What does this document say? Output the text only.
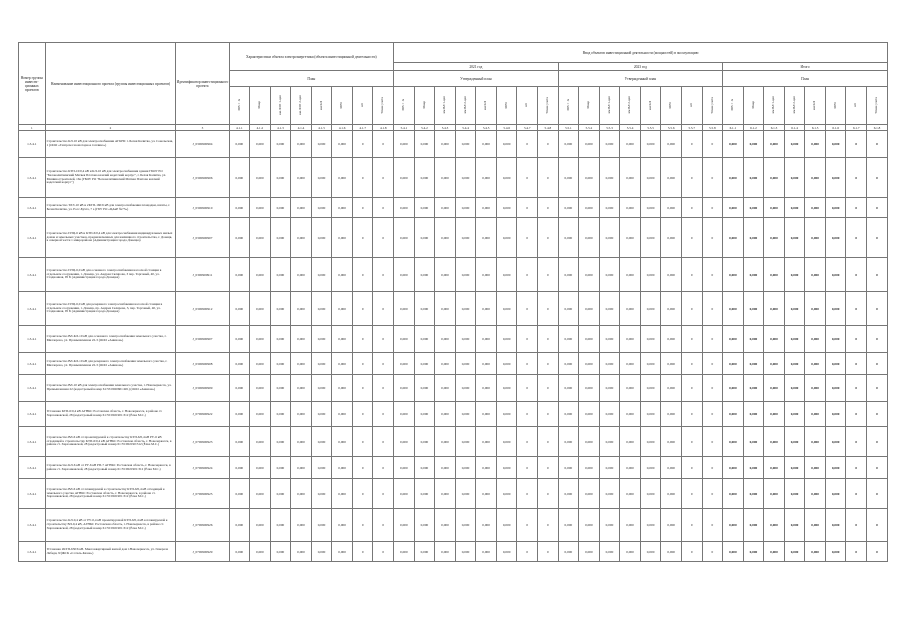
Номер группы инвести-ционных проектов	Наименование инвестиционного проекта (группы инвестиционных проектов)	Идентификатор инвестиционного проекта	Характеристики объекта электроэнергетики (объекта инвестиционной деятельности)								Ввод объектов инвестиционной деятельности (мощностей) в эксплуатацию																							
											2021 год								2023 год								Итого							
			План								Утвержденный план								Утвержденный план								План							
			МВ×А	Мвар	км ЛЭП 1-цеп	км ЛЭП 2-цеп	км КЛ	МВт	шт	Точки учета	МВ×А	Мвар	км ВЛ 1-цеп	км ВЛ 2-цеп	км КЛ	МВт	шт	Точки учета	МВ×А	Мвар	км ВЛ 1-цеп	км ВЛ 2-цеп	км КЛ	МВт	шт	Точки учета	МВ×А	Мвар	км ВЛ 1-цеп	км ВЛ 2-цеп	км КЛ	МВт	шт	Точки учета
1	2	3	4.1.1	4.1.2	4.1.3	4.1.4	4.1.5	4.1.6	4.1.7	4.1.8	5.4.1	5.4.2	5.4.3	5.4.4	5.4.5	5.4.6	5.4.7	5.4.8	5.5.1	5.5.2	5.5.3	5.5.4	5.5.5	5.5.6	5.5.7	5.5.8	6.1.1	6.1.2	6.1.3	6.1.4	6.1.5	6.1.6	6.1.7	6.1.8
1.3.4.1	Строительство КЛ-10 кВ для электроснабжения АГКНС г. Белая Калитва, ул. Сокольская, 1 (ООО «Газпром газомоторное топливо»)	J_0300900904	0,000	0,000	0,000	0,000	0,000	0,000	0	0	0,000	0,000	0,000	0,000	0,000	0,000	0	0	0,000	0,000	0,000	0,000	0,000	0,000	0	0	0,000	0,000	0,000	0,000	0,000	0,000	0	0
1.3.4.1	Строительство КТП-10/0,4 кВ и КЛ-10 кВ для электроснабжения здания ГБОУ РО "Белокалитвинский Матвея Платова казачий кадетский корпус", г. Белая Калитва, ул. Машиностроителей, 16а (ГБОУ РО "Белокалитвинский Матвея Платова казачий кадетский корпус")	J_0300900906	0,000	0,000	0,000	0,000	0,000	0,000	0	0	0,000	0,000	0,000	0,000	0,000	0,000	0	0	0,000	0,000	0,000	0,000	0,000	0,000	0	0	0,000	0,000	0,000	0,000	0,000	0,000	0	0
1.3.4.1	Строительство ТЛЭ-10 кВ и 2КТП-160/6 кВ для электроснабжения площадки, шахты, г. Белая Калитва, ул. Росс-Бухта, 7 а (ГБУ РО «ЦАиР №75»)	J_0300900910	0,000	0,000	0,000	0,000	0,000	0,000	0	0	0,000	0,000	0,000	0,000	0,000	0,000	0	0	0,000	0,000	0,000	0,000	0,000	0,000	0	0	0,000	0,000	0,000	0,000	0,000	0,000	0	0
1.3.4.1	Строительство ПЭЦ-6 кВ и КТП-6/0,4 кВ для электроснабжения индивидуальных жилых домов и земельных участков, предназначенных для жилищного строительства, г. Донецк, в северной части 1 микрорайона (Администрация города Донецка)	J_0300900907	0,000	0,000	0,000	0,000	0,000	0,000	0	0	0,000	0,000	0,000	0,000	0,000	0,000	0	0	0,000	0,000	0,000	0,000	0,000	0,000	0	0	0,000	0,000	0,000	0,000	0,000	0,000	0	0
1.3.4.1	Строительство ПЭЦ-6,0 кВ для основного электроснабжения насосной станции в отдельном сооружении, г. Донецк, ул. Андрея Склярова, 3 пер. Торговый, 40, ул. Стадионная, 95 Б (Администрация города Донецка)	J_0300900911	0,000	0,000	0,000	0,000	0,000	0,000	0	0	0,000	0,000	0,000	0,000	0,000	0,000	0	0	0,000	0,000	0,000	0,000	0,000	0,000	0	0	0,000	0,000	0,000	0,000	0,000	0,000	0	0
1.3.4.1	Строительство ПЭЦ-6,0 кВ для резервного электроснабжения насосной станции в отдельном сооружении, г. Донецк, пр. Андрея Склярова, 3, пер. Торговый, 40, ул. Стадионная, 95 Б (Администрация города Донецка)	J_0300900912	0,000	0,000	0,000	0,000	0,000	0,000	0	0	0,000	0,000	0,000	0,000	0,000	0,000	0	0	0,000	0,000	0,000	0,000	0,000	0,000	0	0	0,000	0,000	0,000	0,000	0,000	0,000	0	0
1.3.4.1	Строительство ВЛ-КЛ-10 кВ для основного электроснабжения земельного участка, г. Миллерово, ул. Промышленная 22-3 (ООО «Аннион»)	J_0300900907	0,000	0,000	0,000	0,000	0,000	0,000	0	0	0,000	0,000	0,000	0,000	0,000	0,000	0	0	0,000	0,000	0,000	0,000	0,000	0,000	0	0	0,000	0,000	0,000	0,000	0,000	0,000	0	0
1.3.4.1	Строительство ВЛ-КЛ-10 кВ для резервного электроснабжения земельного участка, г. Миллерово, ул. Промышленная 22-3 (ООО «Аннион»)	J_0300900908	0,000	0,000	0,000	0,000	0,000	0,000	0	0	0,000	0,000	0,000	0,000	0,000	0,000	0	0	0,000	0,000	0,000	0,000	0,000	0,000	0	0	0,000	0,000	0,000	0,000	0,000	0,000	0	0
1.3.4.1	Строительство ВЛ-10 кВ для электроснабжения земельного участка, г. Новочеркасск, ул. Промышленная 22 (кадастровый номер 61:55:0020601:401) (ООО «Аннион»)	J_0300900909	0,000	0,000	0,000	0,000	0,000	0,000	0	0	0,000	0,000	0,000	0,000	0,000	0,000	0	0	0,000	0,000	0,000	0,000	0,000	0,000	0	0	0,000	0,000	0,000	0,000	0,000	0,000	0	0
1.3.4.1	Установка КТП-6/0,4 кВ АГНКС Ростовская область, г. Новочеркасск, в районе ст. Хараэнковской, 28 (кадастровый номер 61:55:0021901:312 (Ёлка М.С.)	J_0700900922	0,000	0,000	0,000	0,000	0,000	0,000	0	0	0,000	0,000	0,000	0,000	0,000	0,000	0	0	0,000	0,000	0,000	0,000	0,000	0,000	0	0	0,000	0,000	0,000	0,000	0,000	0,000	0	0
1.3.4.1	Строительство ВЛ-6 кВ от проектируемой к строительству КТП-6/0,4 кВ РУ-6 кВ отходящей к строительству КТП-6/0,4 кВ АГНКС Ростовская область, г. Новочеркасск, в районе ст. Хараэнковской, 28 (кадастровый номер 61:55:002190:312 (Ёлка М.С.)	J_0700900923	0,000	0,000	0,000	0,000	0,000	0,000	0	0	0,000	0,000	0,000	0,000	0,000	0,000	0	0	0,000	0,000	0,000	0,000	0,000	0,000	0	0	0,000	0,000	0,000	0,000	0,000	0,000	0	0
1.3.4.1	Строительство КЛ-6 кВ от РУ-6 кВ РП-7 АГНКС Ростовская область, г. Новочеркасск, в районе ст. Хараэнковской, 28 (кадастровый номер 61:55:0021901:312 (Ёлка М.С.)	J_0700900924	0,000	0,000	0,000	0,000	0,000	0,000	0	0	0,000	0,000	0,000	0,000	0,000	0,000	0	0	0,000	0,000	0,000	0,000	0,000	0,000	0	0	0,000	0,000	0,000	0,000	0,000	0,000	0	0
1.3.4.1	Строительство ВЛ-6 кВ от планируемой к строительству КТП-6/0,4 кВ отходящей к земельного участка АГНКС Ростовская область, г. Новочеркасск, в районе ст. Хараэнковской, 28 (кадастровый номер 61:55:0021901:312 (Ёлка М.С.)	J_0700900925	0,000	0,000	0,000	0,000	0,000	0,000	0	0	0,000	0,000	0,000	0,000	0,000	0,000	0	0	0,000	0,000	0,000	0,000	0,000	0,000	0	0	0,000	0,000	0,000	0,000	0,000	0,000	0	0
1.3.4.1	Строительство КЛ-0,4 кВ от РУ-0,4 кВ проектируемой КТП-6/0,4 кВ к планируемой к строительству ВЛ-0,4 кВ, АГНКС Ростовская область, г. Новочеркасск, в районе ст. Хараэнковской, 28 (кадастровый номер 61:55:0021901:312 (Ёлка М.С.)	J_0700900926	0,000	0,000	0,000	0,000	0,000	0,000	0	0	0,000	0,000	0,000	0,000	0,000	0,000	0	0	0,000	0,000	0,000	0,000	0,000	0,000	0	0	0,000	0,000	0,000	0,000	0,000	0,000	0	0
1.3.4.1	Установка 2КТП-630/6 кВ. Многоквартирный жилой дом г.Новочеркасск, ул. Генерала Лебедя, 9/(ЖСК «Соталь-Казак»)	J_0700900929	0,000	0,000	0,000	0,000	0,000	0,000	0	0	0,000	0,000	0,000	0,000	0,000	0,000	0	0	0,000	0,000	0,000	0,000	0,000	0,000	0	0	0,000	0,000	0,000	0,000	0,000	0,000	0	0
